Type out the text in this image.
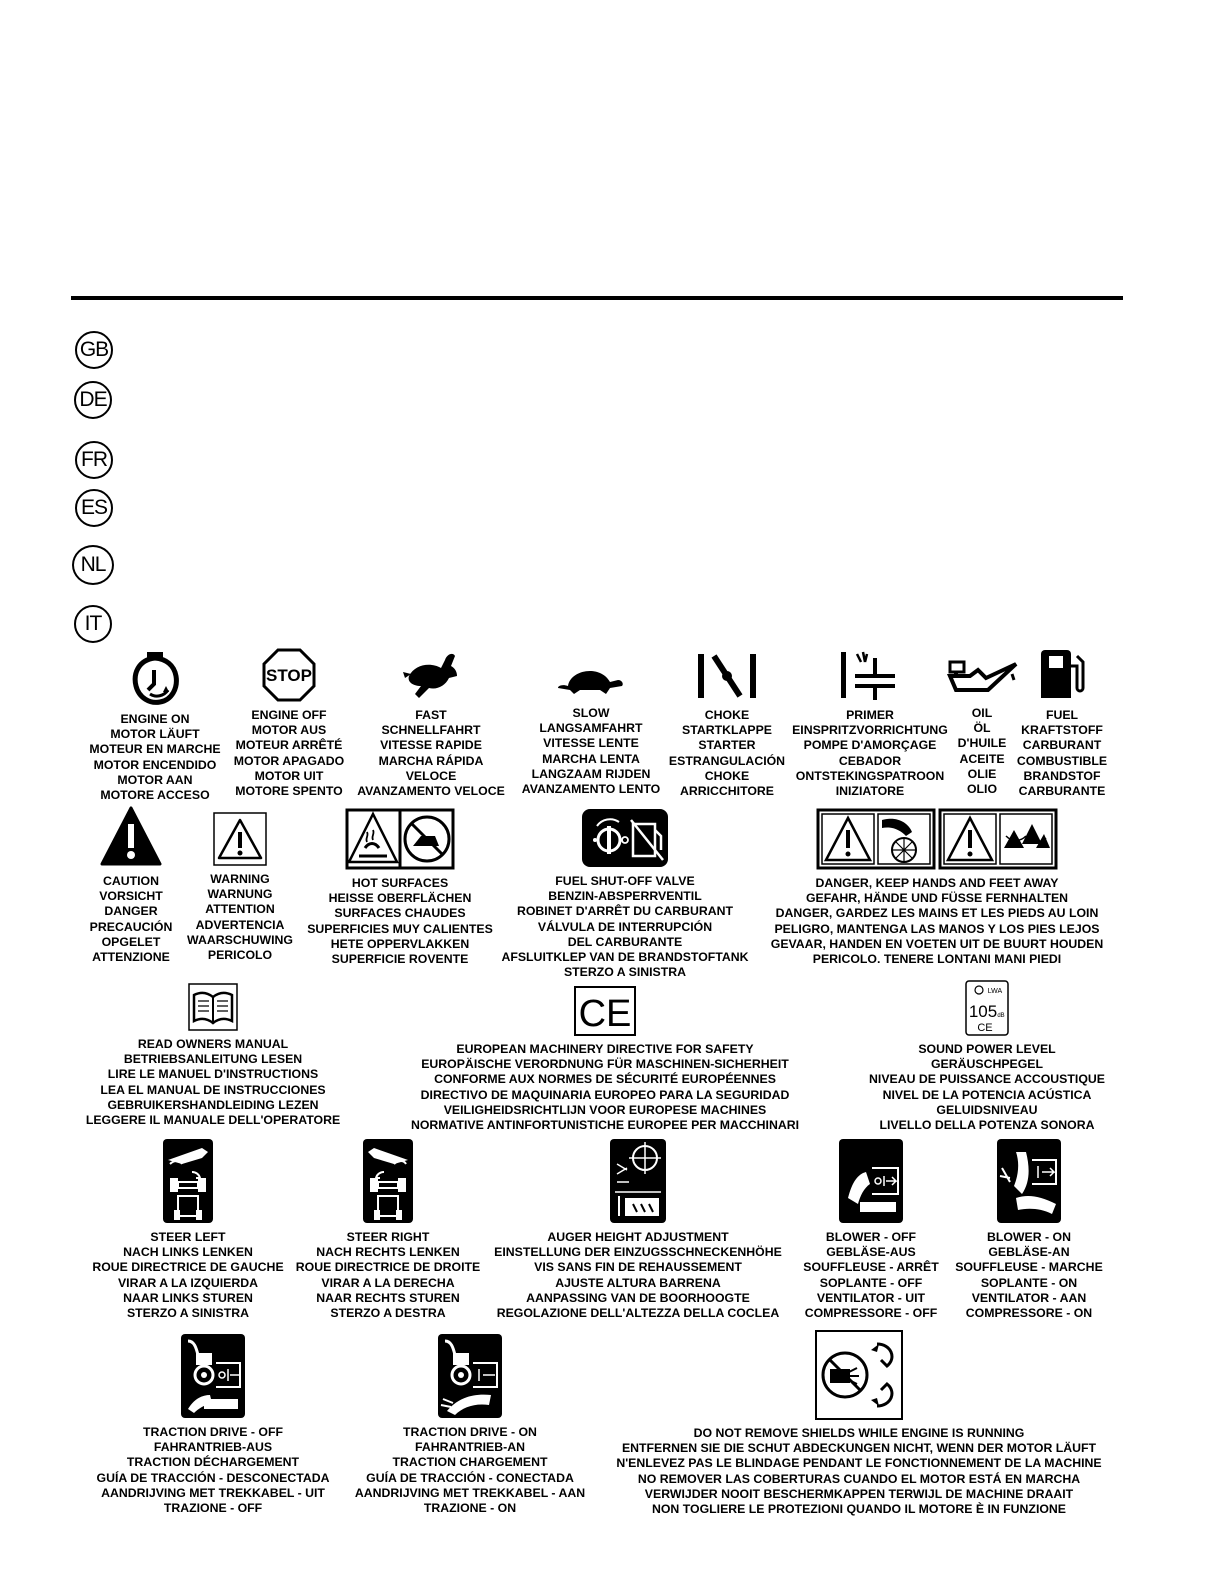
GB
DE
FR
ES
NL
IT
ENGINE ON
MOTOR LÄUFT
MOTEUR EN MARCHE
MOTOR ENCENDIDO
MOTOR AAN
MOTORE ACCESO
STOP
ENGINE OFF
MOTOR AUS
MOTEUR ARRÊTÉ
MOTOR APAGADO
MOTOR UIT
MOTORE SPENTO
FAST
SCHNELLFAHRT
VITESSE RAPIDE
MARCHA RÁPIDA
VELOCE
AVANZAMENTO VELOCE
SLOW
LANGSAMFAHRT
VITESSE LENTE
MARCHA LENTA
LANGZAAM RIJDEN
AVANZAMENTO LENTO
CHOKE
STARTKLAPPE
STARTER
ESTRANGULACIÓN
CHOKE
ARRICCHITORE
PRIMER
EINSPRITZVORRICHTUNG
POMPE D'AMORÇAGE
CEBADOR
ONTSTEKINGSPATROON
INIZIATORE
OIL
ÖL
D'HUILE
ACEITE
OLIE
OLIO
FUEL
KRAFTSTOFF
CARBURANT
COMBUSTIBLE
BRANDSTOF
CARBURANTE
CAUTION
VORSICHT
DANGER
PRECAUCIÓN
OPGELET
ATTENZIONE
WARNING
WARNUNG
ATTENTION
ADVERTENCIA
WAARSCHUWING
PERICOLO
HOT SURFACES
HEISSE OBERFLÄCHEN
SURFACES CHAUDES
SUPERFICIES MUY CALIENTES
HETE OPPERVLAKKEN
SUPERFICIE ROVENTE
FUEL SHUT-OFF VALVE
BENZIN-ABSPERRVENTIL
ROBINET D'ARRÊT DU CARBURANT
VÁLVULA DE INTERRUPCIÓN
DEL CARBURANTE
AFSLUITKLEP VAN DE BRANDSTOFTANK
STERZO A SINISTRA
DANGER, KEEP HANDS AND FEET AWAY
GEFAHR, HÄNDE UND FÜSSE FERNHALTEN
DANGER, GARDEZ LES MAINS ET LES PIEDS AU LOIN
PELIGRO, MANTENGA LAS MANOS Y LOS PIES LEJOS
GEVAAR, HANDEN EN VOETEN UIT DE BUURT HOUDEN
PERICOLO. TENERE LONTANI MANI PIEDI
READ OWNERS MANUAL
BETRIEBSANLEITUNG LESEN
LIRE LE MANUEL D'INSTRUCTIONS
LEA EL MANUAL DE INSTRUCCIONES
GEBRUIKERSHANDLEIDING LEZEN
LEGGERE IL MANUALE DELL'OPERATORE
CE
EUROPEAN MACHINERY DIRECTIVE FOR SAFETY
EUROPÄISCHE VERORDNUNG FÜR MASCHINEN-SICHERHEIT
CONFORME AUX NORMES DE SÉCURITÉ EUROPÉENNES
DIRECTIVO DE MAQUINARIA EUROPEO PARA LA SEGURIDAD
VEILIGHEIDSRICHTLIJN VOOR EUROPESE MACHINES
NORMATIVE ANTINFORTUNISTICHE EUROPEE PER MACCHINARI
LWA
105 dB
CE
SOUND POWER LEVEL
GERÄUSCHPEGEL
NIVEAU DE PUISSANCE ACCOUSTIQUE
NIVEL DE LA POTENCIA ACÚSTICA
GELUIDSNIVEAU
LIVELLO DELLA POTENZA SONORA
STEER LEFT
NACH LINKS LENKEN
ROUE DIRECTRICE DE GAUCHE
VIRAR A LA IZQUIERDA
NAAR LINKS STUREN
STERZO A SINISTRA
STEER RIGHT
NACH RECHTS LENKEN
ROUE DIRECTRICE DE DROITE
VIRAR A LA DERECHA
NAAR RECHTS STUREN
STERZO A DESTRA
AUGER HEIGHT ADJUSTMENT
EINSTELLUNG DER EINZUGSSCHNECKENHÖHE
VIS SANS FIN DE REHAUSSEMENT
AJUSTE ALTURA BARRENA
AANPASSING VAN DE BOORHOOGTE
REGOLAZIONE DELL'ALTEZZA DELLA COCLEA
BLOWER - OFF
GEBLÄSE-AUS
SOUFFLEUSE - ARRÊT
SOPLANTE - OFF
VENTILATOR - UIT
COMPRESSORE - OFF
BLOWER - ON
GEBLÄSE-AN
SOUFFLEUSE - MARCHE
SOPLANTE - ON
VENTILATOR - AAN
COMPRESSORE - ON
TRACTION DRIVE - OFF
FAHRANTRIEB-AUS
TRACTION DÉCHARGEMENT
GUÍA DE TRACCIÓN - DESCONECTADA
AANDRIJVING MET TREKKABEL - UIT
TRAZIONE - OFF
TRACTION DRIVE - ON
FAHRANTRIEB-AN
TRACTION CHARGEMENT
GUÍA DE TRACCIÓN - CONECTADA
AANDRIJVING MET TREKKABEL - AAN
TRAZIONE - ON
DO NOT REMOVE SHIELDS WHILE ENGINE IS RUNNING
ENTFERNEN SIE DIE SCHUT ABDECKUNGEN NICHT, WENN DER MOTOR LÄUFT
N'ENLEVEZ PAS LE BLINDAGE PENDANT LE FONCTIONNEMENT DE LA MACHINE
NO REMOVER LAS COBERTURAS CUANDO EL MOTOR ESTÁ EN MARCHA
VERWIJDER NOOIT BESCHERMKAPPEN TERWIJL DE MACHINE DRAAIT
NON TOGLIERE LE PROTEZIONI QUANDO IL MOTORE È IN FUNZIONE
